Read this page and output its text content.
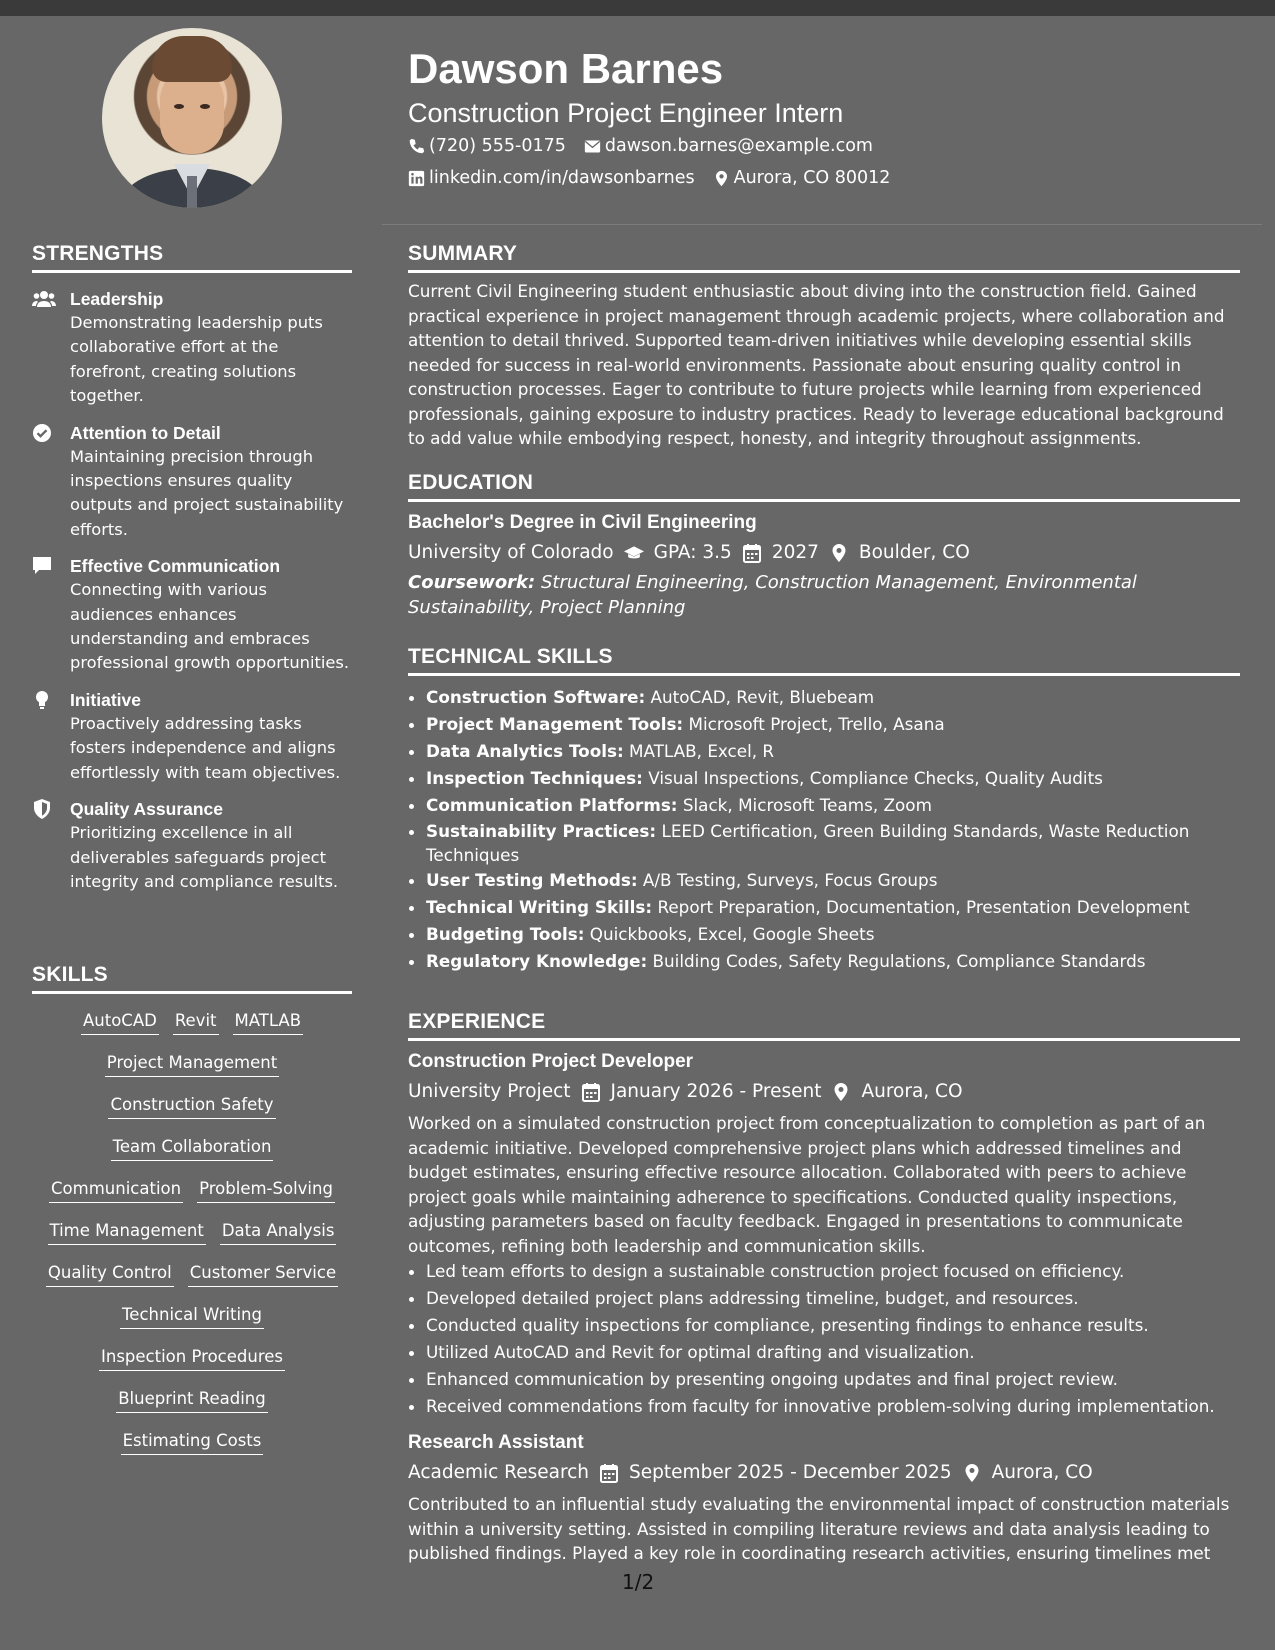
STRENGTHS
Leadership
Demonstrating leadership puts collaborative effort at the forefront, creating solutions together.
Attention to Detail
Maintaining precision through inspections ensures quality outputs and project sustainability efforts.
Effective Communication
Connecting with various audiences enhances understanding and embraces professional growth opportunities.
Initiative
Proactively addressing tasks fosters independence and aligns effortlessly with team objectives.
Quality Assurance
Prioritizing excellence in all deliverables safeguards project integrity and compliance results.
SKILLS
AutoCAD Revit MATLAB
Project Management
Construction Safety
Team Collaboration
Communication Problem-Solving
Time Management Data Analysis
Quality Control Customer Service
Technical Writing
Inspection Procedures
Blueprint Reading
Estimating Costs
Dawson Barnes
Construction Project Engineer Intern
(720) 555-0175 dawson.barnes@example.com
linkedin.com/in/dawsonbarnes Aurora, CO 80012
SUMMARY
Current Civil Engineering student enthusiastic about diving into the construction field. Gained practical experience in project management through academic projects, where collaboration and attention to detail thrived. Supported team-driven initiatives while developing essential skills needed for success in real-world environments. Passionate about ensuring quality control in construction processes. Eager to contribute to future projects while learning from experienced professionals, gaining exposure to industry practices. Ready to leverage educational background to add value while embodying respect, honesty, and integrity throughout assignments.
EDUCATION
Bachelor's Degree in Civil Engineering
University of Colorado GPA: 3.5 2027 Boulder, CO
Coursework: Structural Engineering, Construction Management, Environmental Sustainability, Project Planning
TECHNICAL SKILLS
• Construction Software: AutoCAD, Revit, Bluebeam
• Project Management Tools: Microsoft Project, Trello, Asana
• Data Analytics Tools: MATLAB, Excel, R
• Inspection Techniques: Visual Inspections, Compliance Checks, Quality Audits
• Communication Platforms: Slack, Microsoft Teams, Zoom
• Sustainability Practices: LEED Certification, Green Building Standards, Waste Reduction Techniques
• User Testing Methods: A/B Testing, Surveys, Focus Groups
• Technical Writing Skills: Report Preparation, Documentation, Presentation Development
• Budgeting Tools: Quickbooks, Excel, Google Sheets
• Regulatory Knowledge: Building Codes, Safety Regulations, Compliance Standards
EXPERIENCE
Construction Project Developer
University Project January 2026 - Present Aurora, CO
Worked on a simulated construction project from conceptualization to completion as part of an academic initiative. Developed comprehensive project plans which addressed timelines and budget estimates, ensuring effective resource allocation. Collaborated with peers to achieve project goals while maintaining adherence to specifications. Conducted quality inspections, adjusting parameters based on faculty feedback. Engaged in presentations to communicate outcomes, refining both leadership and communication skills.
• Led team efforts to design a sustainable construction project focused on efficiency.
• Developed detailed project plans addressing timeline, budget, and resources.
• Conducted quality inspections for compliance, presenting findings to enhance results.
• Utilized AutoCAD and Revit for optimal drafting and visualization.
• Enhanced communication by presenting ongoing updates and final project review.
• Received commendations from faculty for innovative problem-solving during implementation.
Research Assistant
Academic Research September 2025 - December 2025 Aurora, CO
Contributed to an influential study evaluating the environmental impact of construction materials within a university setting. Assisted in compiling literature reviews and data analysis leading to published findings. Played a key role in coordinating research activities, ensuring timelines met
1/2
